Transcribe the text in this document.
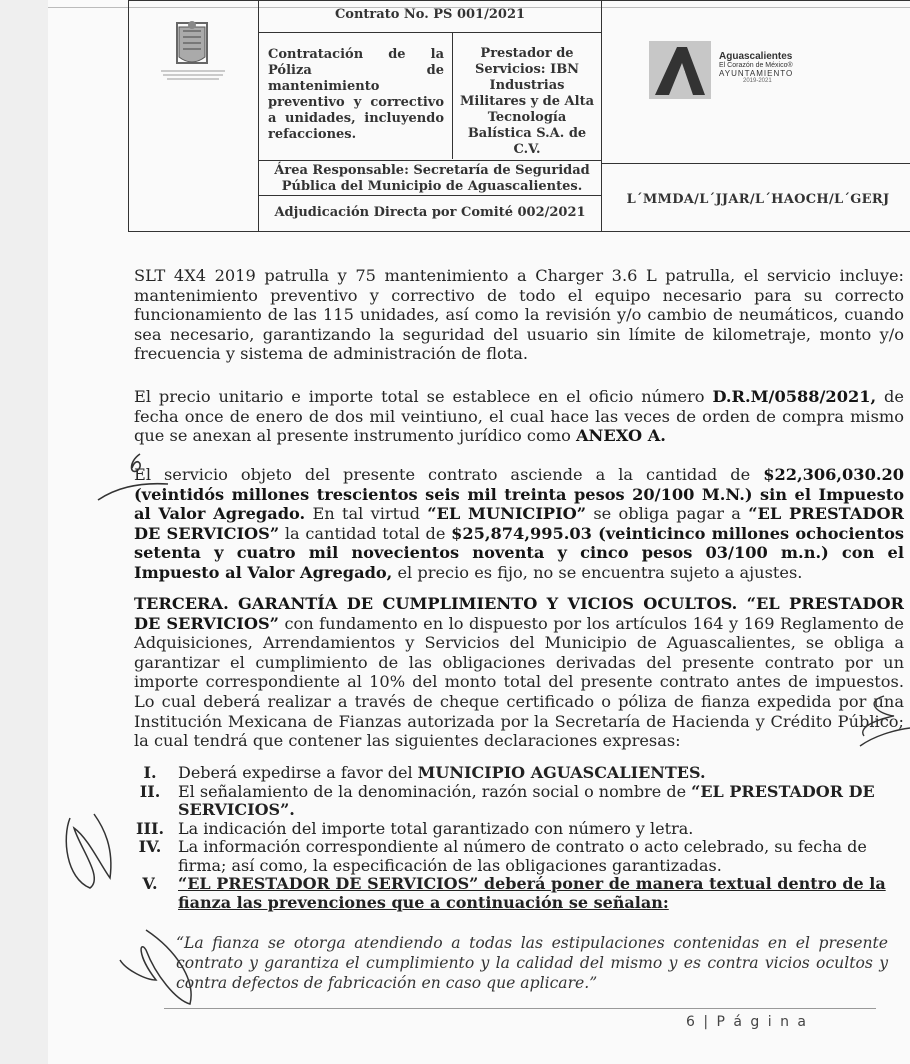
Contrato No. PS 001/2021
Contratación de la Póliza de mantenimiento preventivo y correctivo a unidades, incluyendo refacciones.
Prestador de Servicios: IBN Industrias Militares y de Alta Tecnología Balística S.A. de C.V.
Área Responsable: Secretaría de Seguridad Pública del Municipio de Aguascalientes.
Adjudicación Directa por Comité 002/2021
L´MMDA/L´JJAR/L´HAOCH/L´GERJ
Aguascalientes
El Corazón de México®
AYUNTAMIENTO
2019-2021
SLT 4X4 2019 patrulla y 75 mantenimiento a Charger 3.6 L patrulla, el servicio incluye: mantenimiento preventivo y correctivo de todo el equipo necesario para su correcto funcionamiento de las 115 unidades, así como la revisión y/o cambio de neumáticos, cuando sea necesario, garantizando la seguridad del usuario sin límite de kilometraje, monto y/o frecuencia y sistema de administración de flota.
El precio unitario e importe total se establece en el oficio número D.R.M/0588/2021, de fecha once de enero de dos mil veintiuno, el cual hace las veces de orden de compra mismo que se anexan al presente instrumento jurídico como ANEXO A.
El servicio objeto del presente contrato asciende a la cantidad de $22,306,030.20 (veintidós millones trescientos seis mil treinta pesos 20/100 M.N.) sin el Impuesto al Valor Agregado. En tal virtud “EL MUNICIPIO” se obliga pagar a “EL PRESTADOR DE SERVICIOS” la cantidad total de $25,874,995.03 (veinticinco millones ochocientos setenta y cuatro mil novecientos noventa y cinco pesos 03/100 m.n.) con el Impuesto al Valor Agregado, el precio es fijo, no se encuentra sujeto a ajustes.
TERCERA. GARANTÍA DE CUMPLIMIENTO Y VICIOS OCULTOS. “EL PRESTADOR DE SERVICIOS” con fundamento en lo dispuesto por los artículos 164 y 169 Reglamento de Adquisiciones, Arrendamientos y Servicios del Municipio de Aguascalientes, se obliga a garantizar el cumplimiento de las obligaciones derivadas del presente contrato por un importe correspondiente al 10% del monto total del presente contrato antes de impuestos. Lo cual deberá realizar a través de cheque certificado o póliza de fianza expedida por una Institución Mexicana de Fianzas autorizada por la Secretaría de Hacienda y Crédito Público; la cual tendrá que contener las siguientes declaraciones expresas:
I.	Deberá expedirse a favor del MUNICIPIO AGUASCALIENTES.
II.	El señalamiento de la denominación, razón social o nombre de “EL PRESTADOR DE SERVICIOS”.
III. La indicación del importe total garantizado con número y letra.
IV.	La información correspondiente al número de contrato o acto celebrado, su fecha de firma; así como, la especificación de las obligaciones garantizadas.
V.	“EL PRESTADOR DE SERVICIOS” deberá poner de manera textual dentro de la fianza las prevenciones que a continuación se señalan:
“La fianza se otorga atendiendo a todas las estipulaciones contenidas en el presente contrato y garantiza el cumplimiento y la calidad del mismo y es contra vicios ocultos y contra defectos de fabricación en caso que aplicare.”
6 | P á g i n a
